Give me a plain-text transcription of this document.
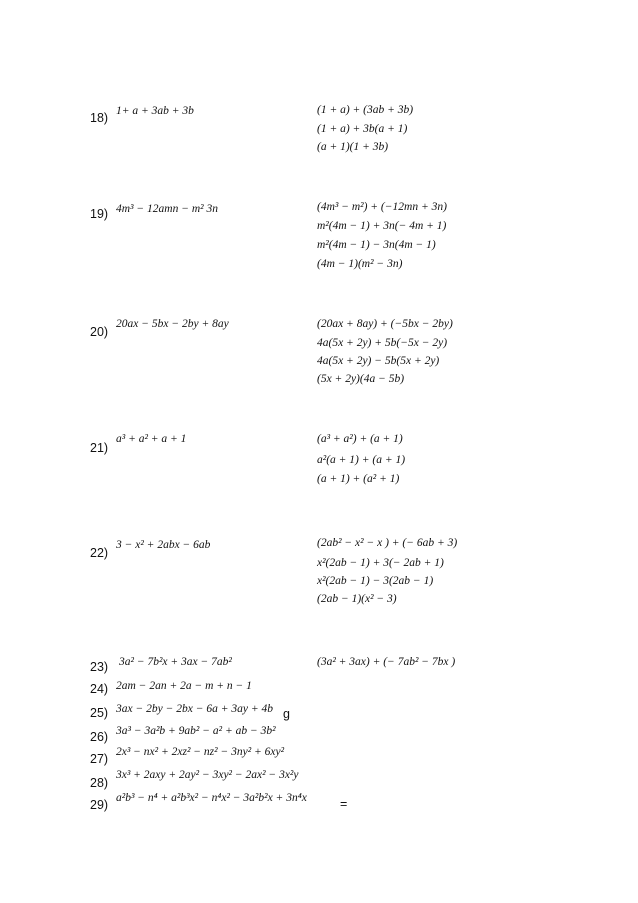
18) 1+ a + 3ab + 3b	(1 + a) + (3ab + 3b)
(1 + a) + 3b(a + 1)
(a + 1)(1 + 3b)
19) 4m³ − 12amn − m² 3n	(4m³ − m²) + (−12mn + 3n)
m²(4m − 1) + 3n(− 4m + 1)
m²(4m − 1) − 3n(4m − 1)
(4m − 1)(m² − 3n)
20)
20ax − 5bx − 2by + 8ay	(20ax + 8ay) + (−5bx − 2by)
4a(5x + 2y) + 5b(−5x − 2y)
4a(5x + 2y) − 5b(5x + 2y)
(5x + 2y)(4a − 5b)
21)
a³ + a² + a + 1	(a³ + a²) + (a + 1)
a²(a + 1) + (a + 1)
(a + 1) + (a² + 1)
22)
3 − x² + 2abx − 6ab	(2ab² − x² − x ) + (− 6ab + 3)
x²(2ab − 1) + 3(− 2ab + 1)
x²(2ab − 1) − 3(2ab − 1)
(2ab − 1)(x² − 3)
23) 3a² − 7b²x + 3ax − 7ab²	(3a² + 3ax) + (− 7ab² − 7bx )
24) 2am − 2an + 2a − m + n − 1
25) 3ax − 2by − 2bx − 6a + 3ay + 4b g
26) 3a³ − 3a²b + 9ab² − a² + ab − 3b²
27) 2x³ − nx² + 2xz² − nz² − 3ny² + 6xy²
28)
3x³ + 2axy + 2ay² − 3xy² − 2ax² − 3x²y
29) a²b³ − n⁴ + a²b³x² − n⁴x² − 3a²b²x + 3n⁴x	=
